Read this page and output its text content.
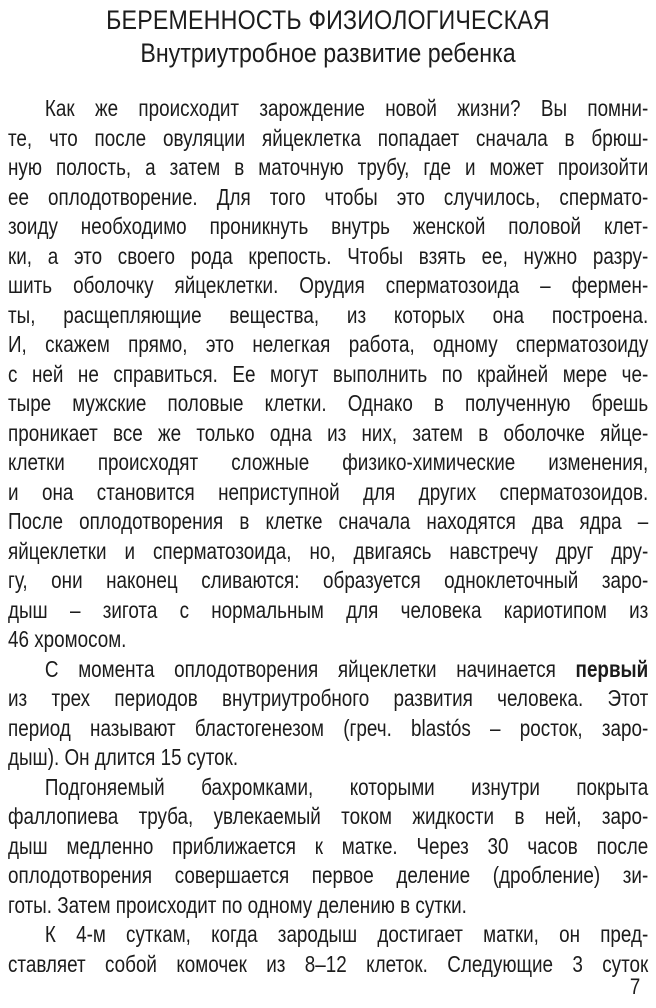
БЕРЕМЕННОСТЬ ФИЗИОЛОГИЧЕСКАЯ
Внутриутробное развитие ребенка
Как же происходит зарождение новой жизни? Вы помни-
те, что после овуляции яйцеклетка попадает сначала в брюш-
ную полость, а затем в маточную трубу, где и может произойти
ее оплодотворение. Для того чтобы это случилось, спермато-
зоиду необходимо проникнуть внутрь женской половой клет-
ки, а это своего рода крепость. Чтобы взять ее, нужно разру-
шить оболочку яйцеклетки. Орудия сперматозоида – фермен-
ты, расщепляющие вещества, из которых она построена.
И, скажем прямо, это нелегкая работа, одному сперматозоиду
с ней не справиться. Ее могут выполнить по крайней мере че-
тыре мужские половые клетки. Однако в полученную брешь
проникает все же только одна из них, затем в оболочке яйце-
клетки происходят сложные физико-химические изменения,
и она становится неприступной для других сперматозоидов.
После оплодотворения в клетке сначала находятся два ядра –
яйцеклетки и сперматозоида, но, двигаясь навстречу друг дру-
гу, они наконец сливаются: образуется одноклеточный заро-
дыш – зигота с нормальным для человека кариотипом из
46 хромосом.
С момента оплодотворения яйцеклетки начинается первый
из трех периодов внутриутробного развития человека. Этот
период называют бластогенезом (греч. blastós – росток, заро-
дыш). Он длится 15 суток.
Подгоняемый бахромками, которыми изнутри покрыта
фаллопиева труба, увлекаемый током жидкости в ней, заро-
дыш медленно приближается к матке. Через 30 часов после
оплодотворения совершается первое деление (дробление) зи-
готы. Затем происходит по одному делению в сутки.
К 4-м суткам, когда зародыш достигает матки, он пред-
ставляет собой комочек из 8–12 клеток. Следующие 3 суток
7
